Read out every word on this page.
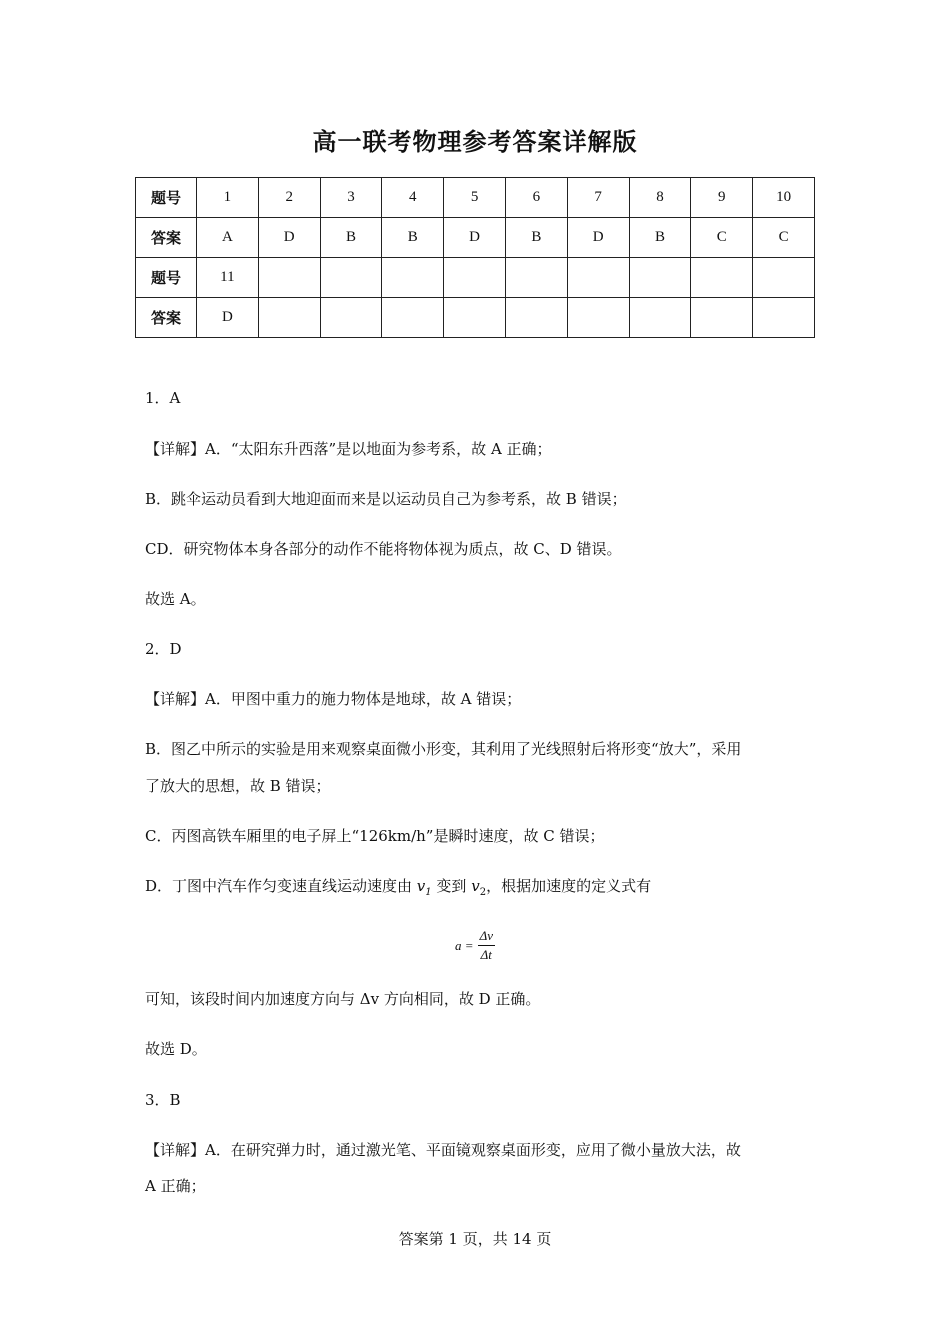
高一联考物理参考答案详解版
题号	1	2	3	4	5	6	7	8	9	10
答案	A	D	B	B	D	B	D	B	C	C
题号	11									
答案	D									
1．A
【详解】A．“太阳东升西落”是以地面为参考系，故 A 正确；
B．跳伞运动员看到大地迎面而来是以运动员自己为参考系，故 B 错误；
CD．研究物体本身各部分的动作不能将物体视为质点，故 C、D 错误。
故选 A。
2．D
【详解】A．甲图中重力的施力物体是地球，故 A 错误；
B．图乙中所示的实验是用来观察桌面微小形变，其利用了光线照射后将形变“放大”，采用
了放大的思想，故 B 错误；
C．丙图高铁车厢里的电子屏上“126km/h”是瞬时速度，故 C 错误；
D．丁图中汽车作匀变速直线运动速度由 $v_1$ 变到 $v_2$，根据加速度的定义式有
$a = \frac{\Delta v}{\Delta t}$
可知，该段时间内加速度方向与 Δv 方向相同，故 D 正确。
故选 D。
3．B
【详解】A．在研究弹力时，通过激光笔、平面镜观察桌面形变，应用了微小量放大法，故
A 正确；
答案第 1 页，共 14 页
